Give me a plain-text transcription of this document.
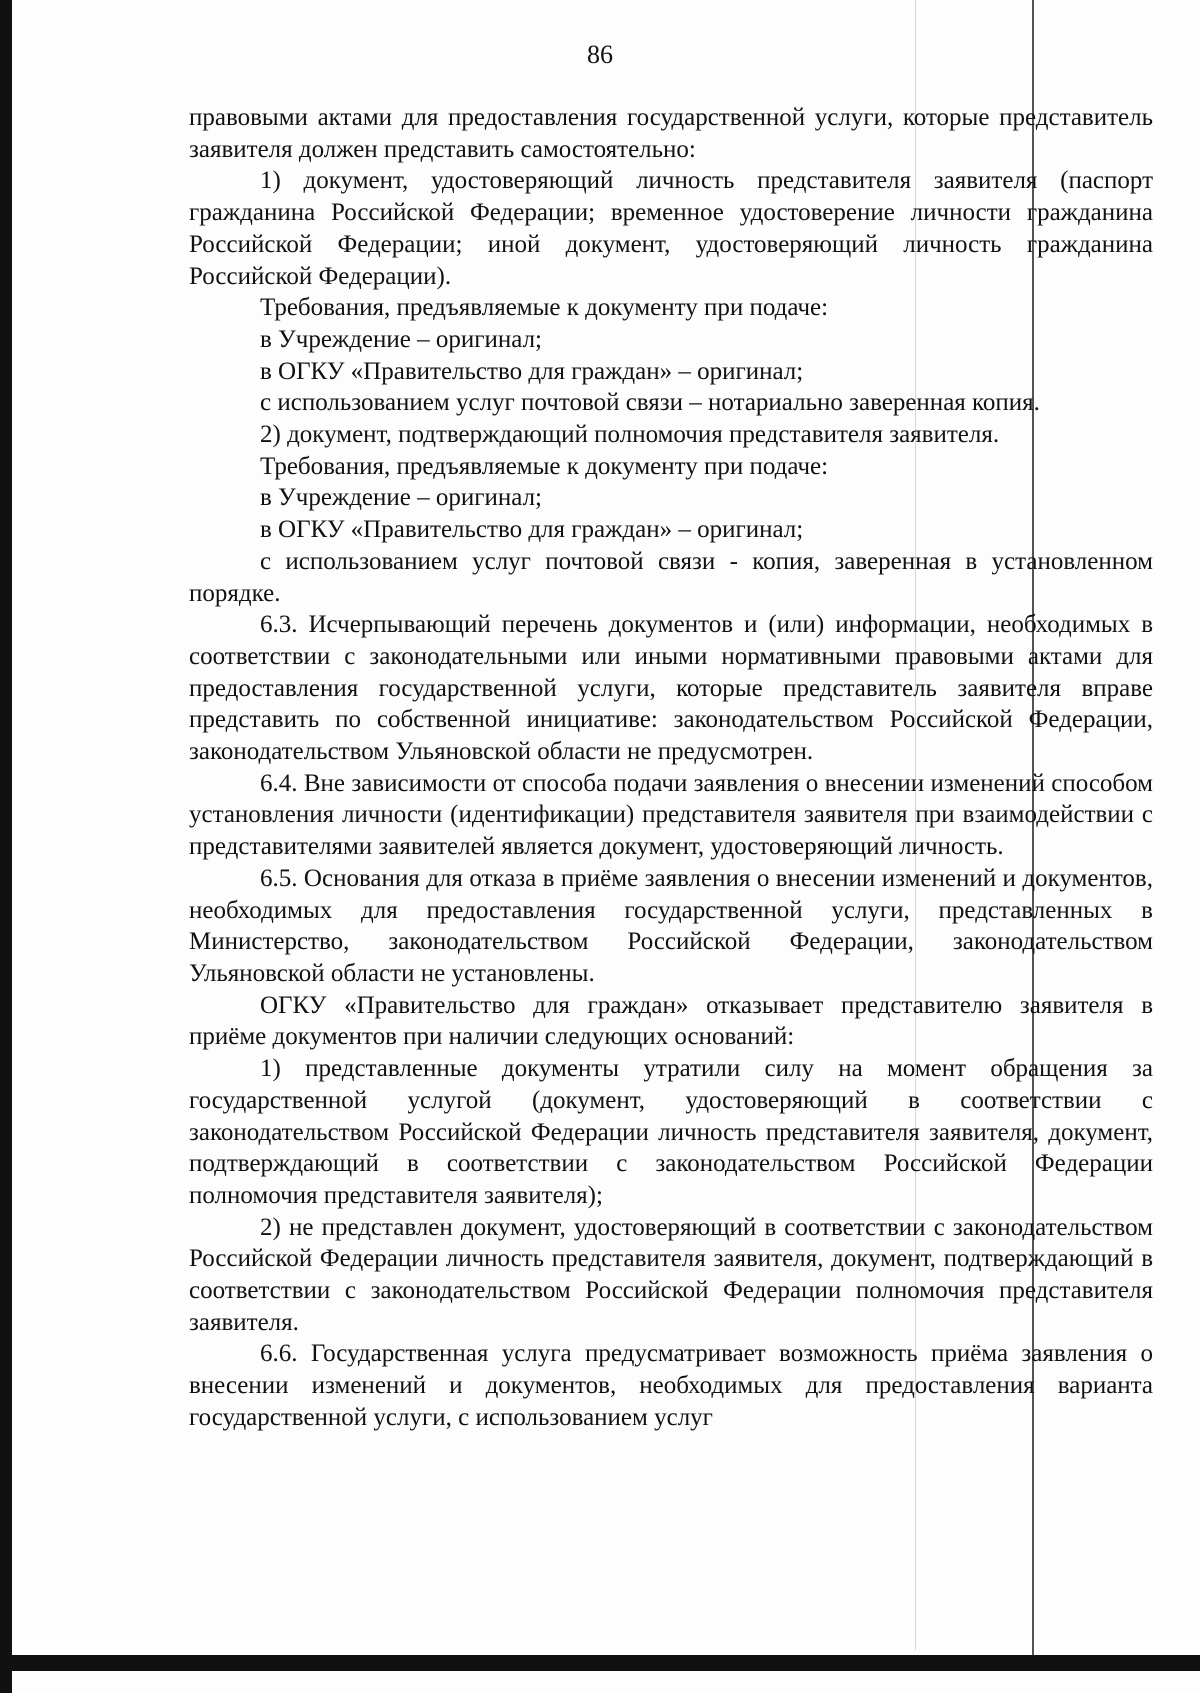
86

правовыми актами для предоставления государственной услуги, которые представитель заявителя должен представить самостоятельно:

1) документ, удостоверяющий личность представителя заявителя (паспорт гражданина Российской Федерации; временное удостоверение личности гражданина Российской Федерации; иной документ, удостоверяющий личность гражданина Российской Федерации).

Требования, предъявляемые к документу при подаче:

в Учреждение – оригинал;

в ОГКУ «Правительство для граждан» – оригинал;

с использованием услуг почтовой связи – нотариально заверенная копия.

2) документ, подтверждающий полномочия представителя заявителя.

Требования, предъявляемые к документу при подаче:

в Учреждение – оригинал;

в ОГКУ «Правительство для граждан» – оригинал;

с использованием услуг почтовой связи - копия, заверенная в установленном порядке.

6.3. Исчерпывающий перечень документов и (или) информации, необходимых в соответствии с законодательными или иными нормативными правовыми актами для предоставления государственной услуги, которые представитель заявителя вправе представить по собственной инициативе: законодательством Российской Федерации, законодательством Ульяновской области не предусмотрен.

6.4. Вне зависимости от способа подачи заявления о внесении изменений способом установления личности (идентификации) представителя заявителя при взаимодействии с представителями заявителей является документ, удостоверяющий личность.

6.5. Основания для отказа в приёме заявления о внесении изменений и документов, необходимых для предоставления государственной услуги, представленных в Министерство, законодательством Российской Федерации, законодательством Ульяновской области не установлены.

ОГКУ «Правительство для граждан» отказывает представителю заявителя в приёме документов при наличии следующих оснований:

1) представленные документы утратили силу на момент обращения за государственной услугой (документ, удостоверяющий в соответствии с законодательством Российской Федерации личность представителя заявителя, документ, подтверждающий в соответствии с законодательством Российской Федерации полномочия представителя заявителя);

2) не представлен документ, удостоверяющий в соответствии с законодательством Российской Федерации личность представителя заявителя, документ, подтверждающий в соответствии с законодательством Российской Федерации полномочия представителя заявителя.

6.6. Государственная услуга предусматривает возможность приёма заявления о внесении изменений и документов, необходимых для предоставления варианта государственной услуги, с использованием услуг
